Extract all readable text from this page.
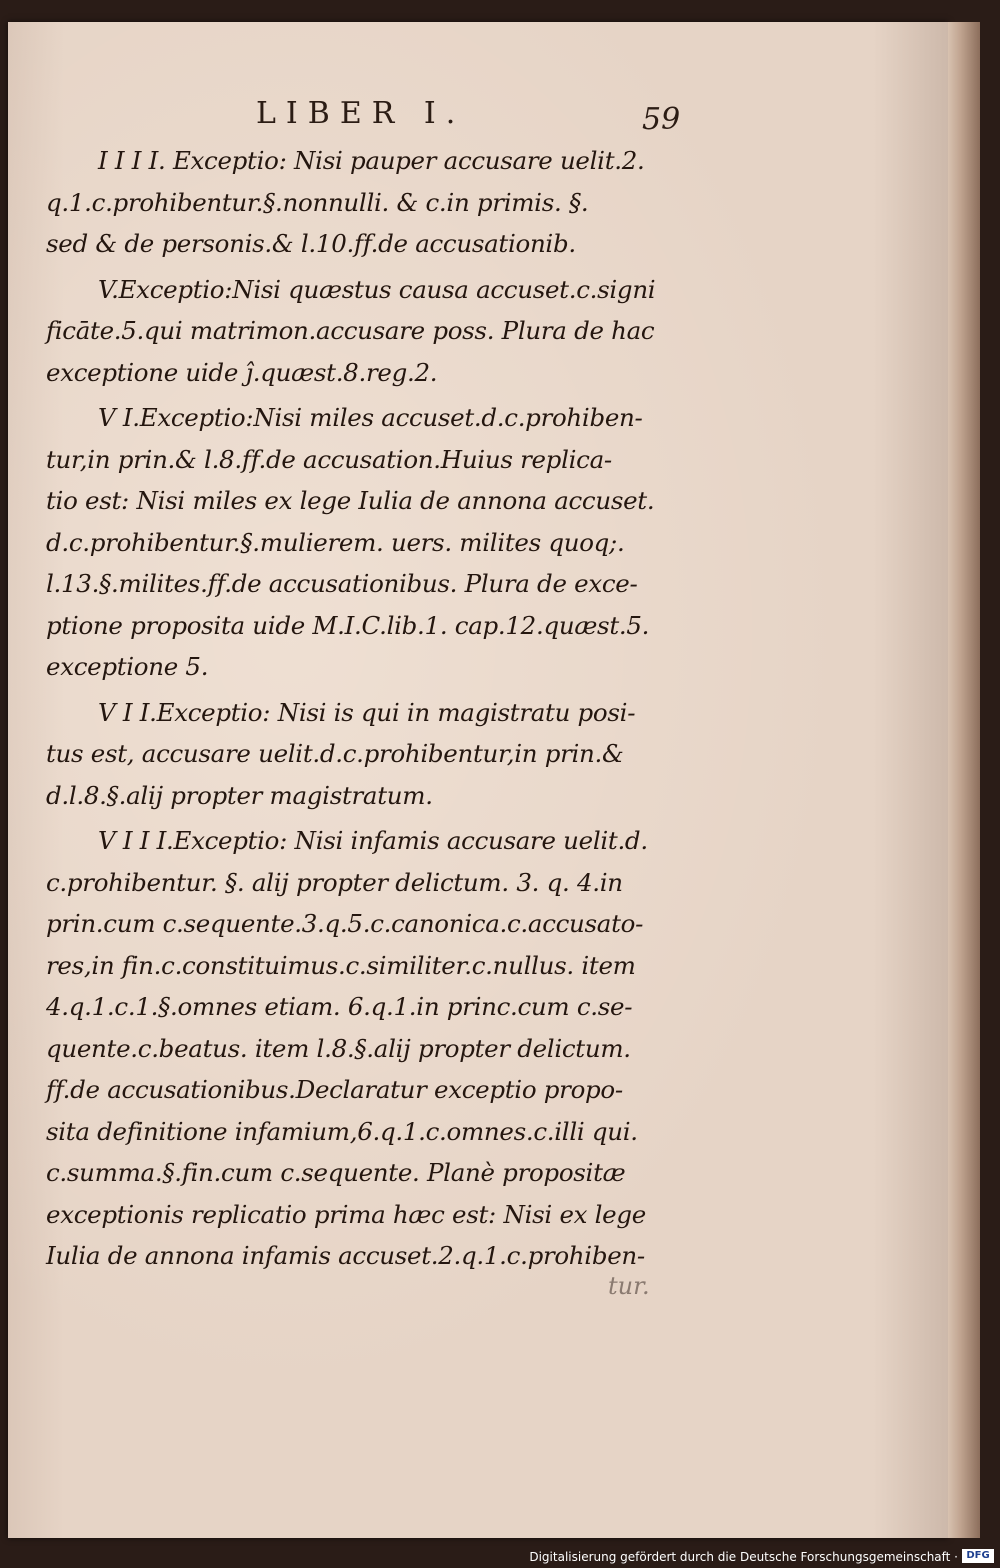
LIBER I.	59
I I I I. Exceptio: Nisi pauper accusare uelit.2.
q.1.c.prohibentur.§.nonnulli. & c.in primis. §.
sed & de personis.& l.10.ff.de accusationib.
V.Exceptio:Nisi quæstus causa accuset.c.signi
ficāte.5.qui matrimon.accusare poss. Plura de hac
exceptione uide ĵ.quæst.8.reg.2.
V I.Exceptio:Nisi miles accuset.d.c.prohiben-
tur,in prin.& l.8.ff.de accusation.Huius replica-
tio est: Nisi miles ex lege Iulia de annona accuset.
d.c.prohibentur.§.mulierem. uers. milites quoq;.
l.13.§.milites.ff.de accusationibus. Plura de exce-
ptione proposita uide M.I.C.lib.1. cap.12.quæst.5.
exceptione 5.
V I I.Exceptio: Nisi is qui in magistratu posi-
tus est, accusare uelit.d.c.prohibentur,in prin.&
d.l.8.§.alij propter magistratum.
V I I I.Exceptio: Nisi infamis accusare uelit.d.
c.prohibentur. §. alij propter delictum. 3. q. 4.in
prin.cum c.sequente.3.q.5.c.canonica.c.accusato-
res,in fin.c.constituimus.c.similiter.c.nullus. item
4.q.1.c.1.§.omnes etiam. 6.q.1.in princ.cum c.se-
quente.c.beatus. item l.8.§.alij propter delictum.
ff.de accusationibus.Declaratur exceptio propo-
sita definitione infamium,6.q.1.c.omnes.c.illi qui.
c.summa.§.fin.cum c.sequente. Planè propositæ
exceptionis replicatio prima hæc est: Nisi ex lege
Iulia de annona infamis accuset.2.q.1.c.prohiben-
tur.
Digitalisierung gefördert durch die Deutsche Forschungsgemeinschaft · DFG
